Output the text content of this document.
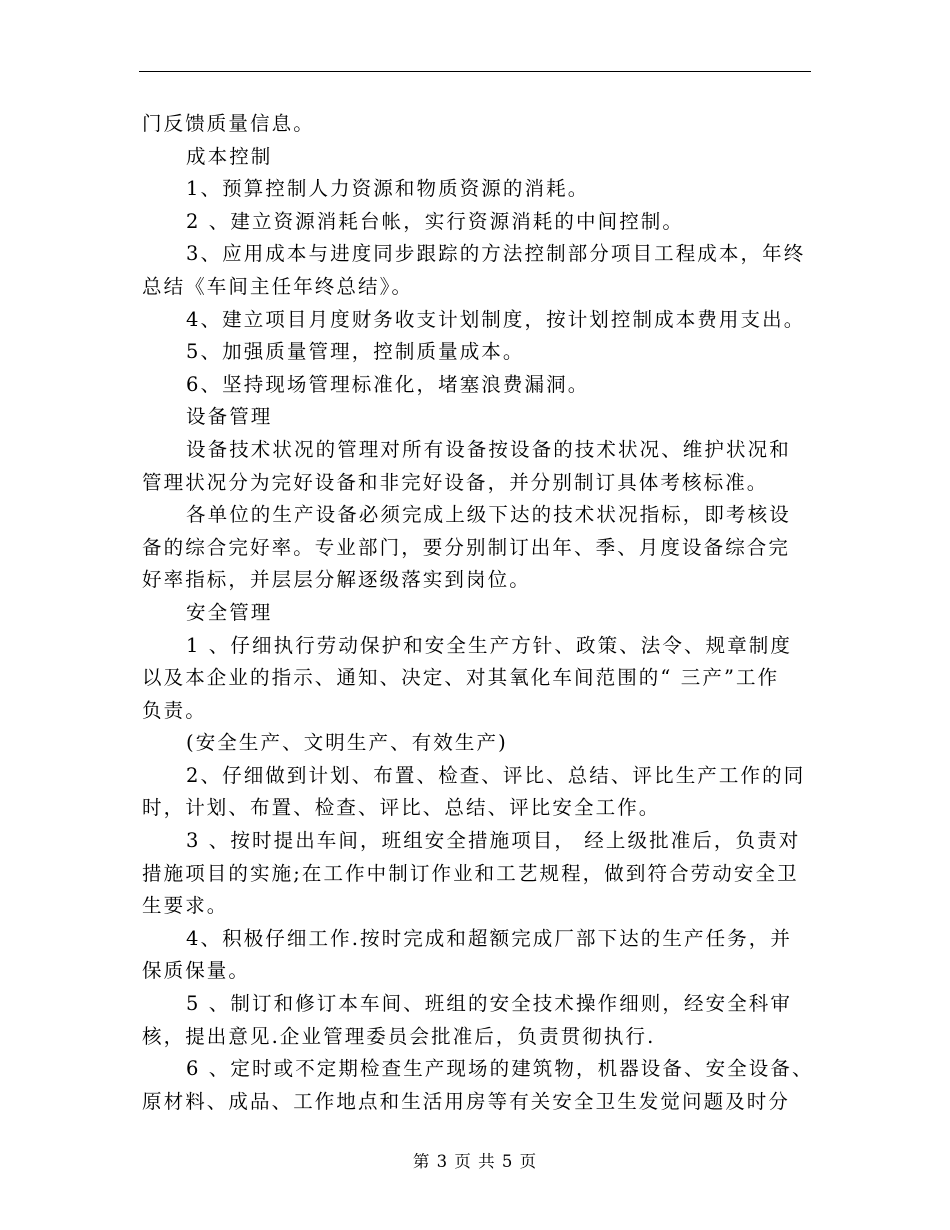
门反馈质量信息。
成本控制
1、预算控制人力资源和物质资源的消耗。
2 、建立资源消耗台帐，实行资源消耗的中间控制。
3、应用成本与进度同步跟踪的方法控制部分项目工程成本，年终
总结《车间主任年终总结》。
4、建立项目月度财务收支计划制度，按计划控制成本费用支出。
5、加强质量管理，控制质量成本。
6、坚持现场管理标准化，堵塞浪费漏洞。
设备管理
设备技术状况的管理对所有设备按设备的技术状况、维护状况和
管理状况分为完好设备和非完好设备，并分别制订具体考核标准。
各单位的生产设备必须完成上级下达的技术状况指标，即考核设
备的综合完好率。专业部门，要分别制订出年、季、月度设备综合完
好率指标，并层层分解逐级落实到岗位。
安全管理
1 、仔细执行劳动保护和安全生产方针、政策、法令、规章制度
以及本企业的指示、通知、决定、对其氧化车间范围的“ 三产”工作
负责。
(安全生产、文明生产、有效生产)
2、仔细做到计划、布置、检查、评比、总结、评比生产工作的同
时，计划、布置、检查、评比、总结、评比安全工作。
3 、按时提出车间，班组安全措施项目， 经上级批准后，负责对
措施项目的实施;在工作中制订作业和工艺规程，做到符合劳动安全卫
生要求。
4、积极仔细工作.按时完成和超额完成厂部下达的生产任务，并
保质保量。
5 、制订和修订本车间、班组的安全技术操作细则，经安全科审
核，提出意见.企业管理委员会批准后，负责贯彻执行.
6 、定时或不定期检查生产现场的建筑物，机器设备、安全设备、
原材料、成品、工作地点和生活用房等有关安全卫生发觉问题及时分
第 3 页 共 5 页
